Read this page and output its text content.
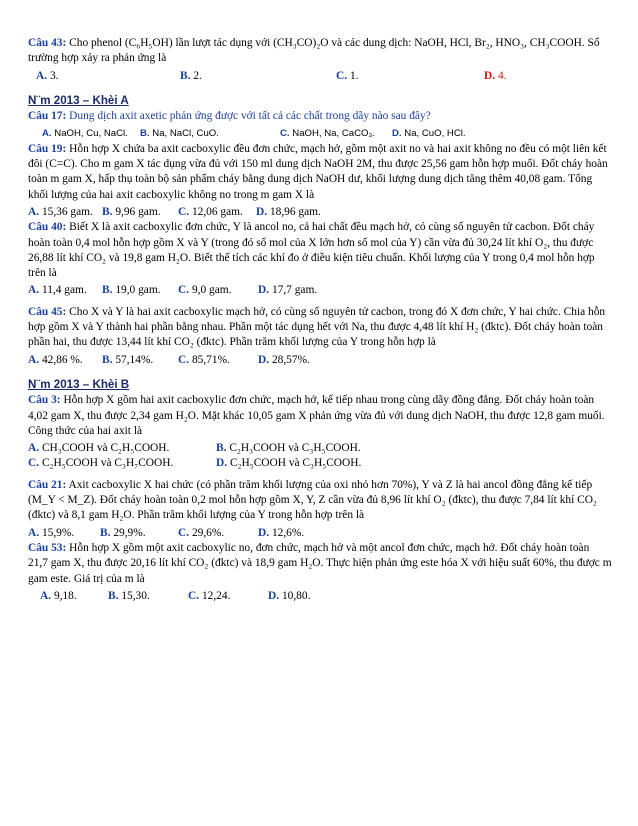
Câu 43: Cho phenol (C₆H₅OH) lần lượt tác dụng với (CH₃CO)₂O và các dung dịch: NaOH, HCl, Br₂, HNO₃, CH₃COOH. Số trường hợp xảy ra phản ứng là
A. 3.	B. 2.	C. 1.	D. 4.
N¨m 2013 – Khèi A
Câu 17: Dung dịch axit axetic phản ứng được với tất cả các chất trong dãy nào sau đây?
A. NaOH, Cu, NaCl.	B. Na, NaCl, CuO.	C. NaOH, Na, CaCO₃.	D. Na, CuO, HCl.
Câu 19: Hỗn hợp X chứa ba axit cacboxylic đều đơn chức, mạch hở, gồm một axit no và hai axit không no đều có một liên kết đôi (C=C). Cho m gam X tác dụng vừa đủ với 150 ml dung dịch NaOH 2M, thu được 25,56 gam hỗn hợp muối. Đốt cháy hoàn toàn m gam X, hấp thụ toàn bộ sản phẩm cháy bằng dung dịch NaOH dư, khối lượng dung dịch tăng thêm 40,08 gam. Tổng khối lượng của hai axit cacboxylic không no trong m gam X là
A. 15,36 gam. B. 9,96 gam.	C. 12,06 gam.	D. 18,96 gam.
Câu 40: Biết X là axit cacboxylic đơn chức, Y là ancol no, cả hai chất đều mạch hở, có cùng số nguyên tử cacbon. Đốt cháy hoàn toàn 0,4 mol hỗn hợp gồm X và Y (trong đó số mol của X lớn hơn số mol của Y) cần vừa đủ 30,24 lít khí O₂, thu được 26,88 lít khí CO₂ và 19,8 gam H₂O. Biết thể tích các khí đo ở điều kiện tiêu chuẩn. Khối lượng của Y trong 0,4 mol hỗn hợp trên là
A. 11,4 gam.	B. 19,0 gam.	C. 9,0 gam.	D. 17,7 gam.
Câu 45: Cho X và Y là hai axit cacboxylic mạch hở, có cùng số nguyên tử cacbon, trong đó X đơn chức, Y hai chức. Chia hỗn hợp gồm X và Y thành hai phần bằng nhau. Phần một tác dụng hết với Na, thu được 4,48 lít khí H₂ (đktc). Đốt cháy hoàn toàn phần hai, thu được 13,44 lít khí CO₂ (đktc). Phần trăm khối lượng của Y trong hỗn hợp là
A. 42,86 %.	B. 57,14%.	C. 85,71%.	D. 28,57%.
N¨m 2013 – Khèi B
Câu 3: Hỗn hợp X gồm hai axit cacboxylic đơn chức, mạch hở, kế tiếp nhau trong cùng dãy đồng đẳng. Đốt cháy hoàn toàn 4,02 gam X, thu được 2,34 gam H₂O. Mặt khác 10,05 gam X phản ứng vừa đủ với dung dịch NaOH, thu được 12,8 gam muối. Công thức của hai axit là
A. CH₃COOH và C₂H₅COOH.	B. C₂H₃COOH và C₃H₅COOH.
C. C₂H₅COOH và C₃H₇COOH.	D. C₂H₅COOH và C₃H₅COOH.
Câu 21: Axit cacboxylic X hai chức (có phần trăm khối lượng của oxi nhỏ hơn 70%), Y và Z là hai ancol đồng đẳng kế tiếp (M_Y < M_Z). Đốt cháy hoàn toàn 0,2 mol hỗn hợp gồm X, Y, Z cần vừa đủ 8,96 lít khí O₂ (đktc), thu được 7,84 lít khí CO₂ (đktc) và 8,1 gam H₂O. Phần trăm khối lượng của Y trong hỗn hợp trên là
A. 15,9%.	B. 29,9%.	C. 29,6%.	D. 12,6%.
Câu 53: Hỗn hợp X gồm một axit cacboxylic no, đơn chức, mạch hở và một ancol đơn chức, mạch hở. Đốt cháy hoàn toàn 21,7 gam X, thu được 20,16 lít khí CO₂ (đktc) và 18,9 gam H₂O. Thực hiện phản ứng este hóa X với hiệu suất 60%, thu được m gam este. Giá trị của m là
A. 9,18.	B. 15,30.	C. 12,24.	D. 10,80.
